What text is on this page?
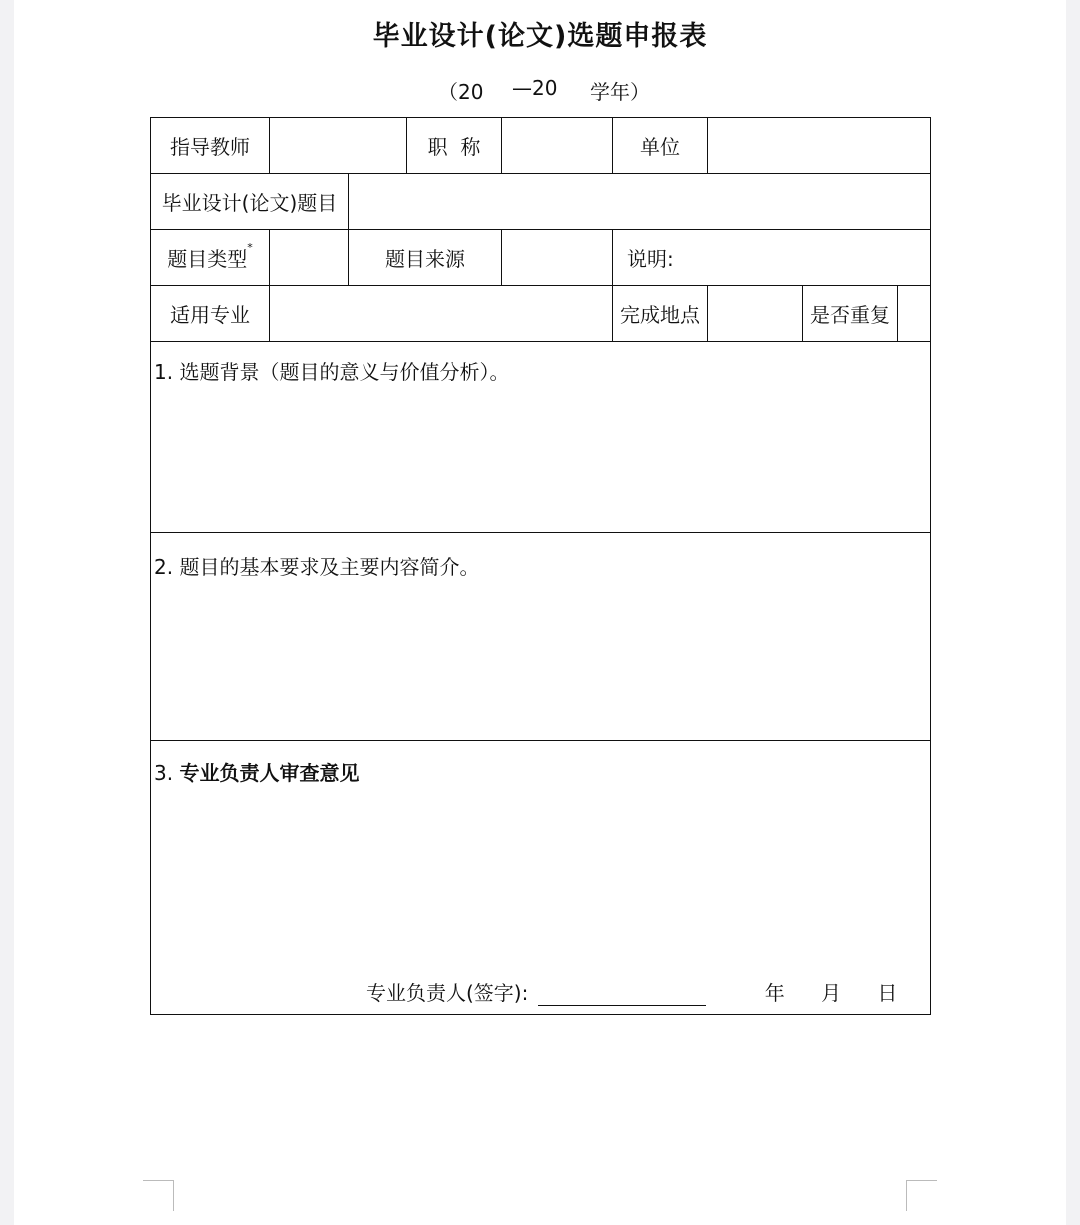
毕业设计(论文)选题申报表
（20 —20 学年）
指导教师			职  称		单位			
毕业设计(论文)题目								
题目类型*		题目来源			说明:			
适用专业					完成地点		是否重复	

1. 选题背景（题目的意义与价值分析）。								

2. 题目的基本要求及主要内容简介。								

3. 专业负责人审查意见
专业负责人(签字): 年 月 日								
